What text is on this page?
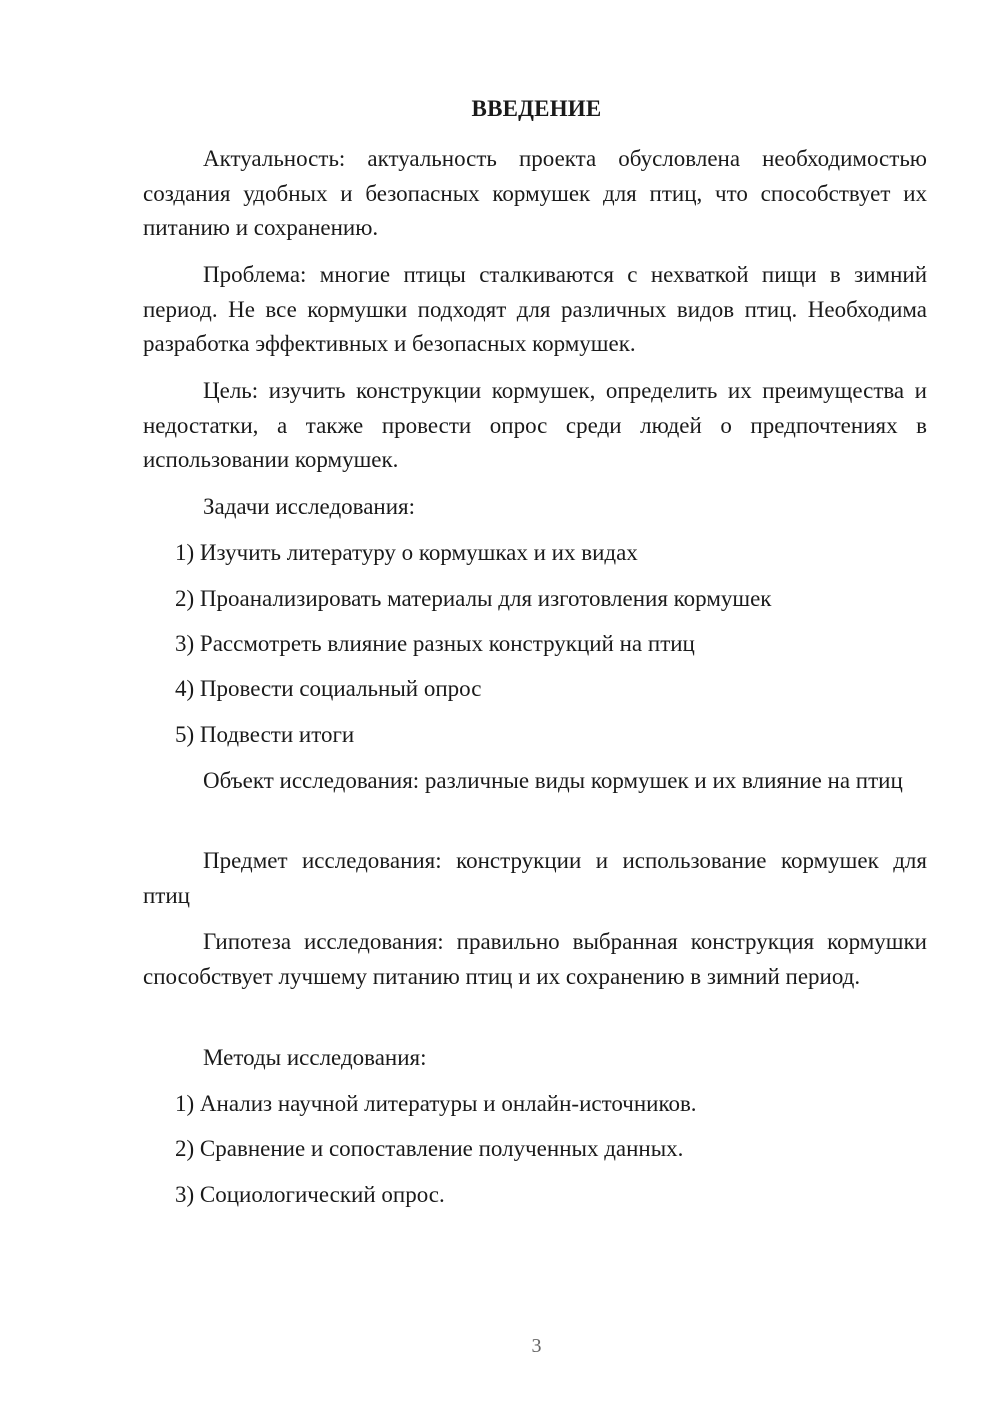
ВВЕДЕНИЕ

Актуальность: актуальность проекта обусловлена необходимостью создания удобных и безопасных кормушек для птиц, что способствует их питанию и сохранению.

Проблема: многие птицы сталкиваются с нехваткой пищи в зимний период. Не все кормушки подходят для различных видов птиц. Необходима разработка эффективных и безопасных кормушек.

Цель: изучить конструкции кормушек, определить их преимущества и недостатки, а также провести опрос среди людей о предпочтениях в использовании кормушек.

Задачи исследования:

1) Изучить литературу о кормушках и их видах

2) Проанализировать материалы для изготовления кормушек

3) Рассмотреть влияние разных конструкций на птиц

4) Провести социальный опрос

5) Подвести итоги

Объект исследования: различные виды кормушек и их влияние на птиц

Предмет исследования: конструкции и использование кормушек для птиц

Гипотеза исследования: правильно выбранная конструкция кормушки способствует лучшему питанию птиц и их сохранению в зимний период.

Методы исследования:

1) Анализ научной литературы и онлайн-источников.

2) Сравнение и сопоставление полученных данных.

3) Социологический опрос.

3
